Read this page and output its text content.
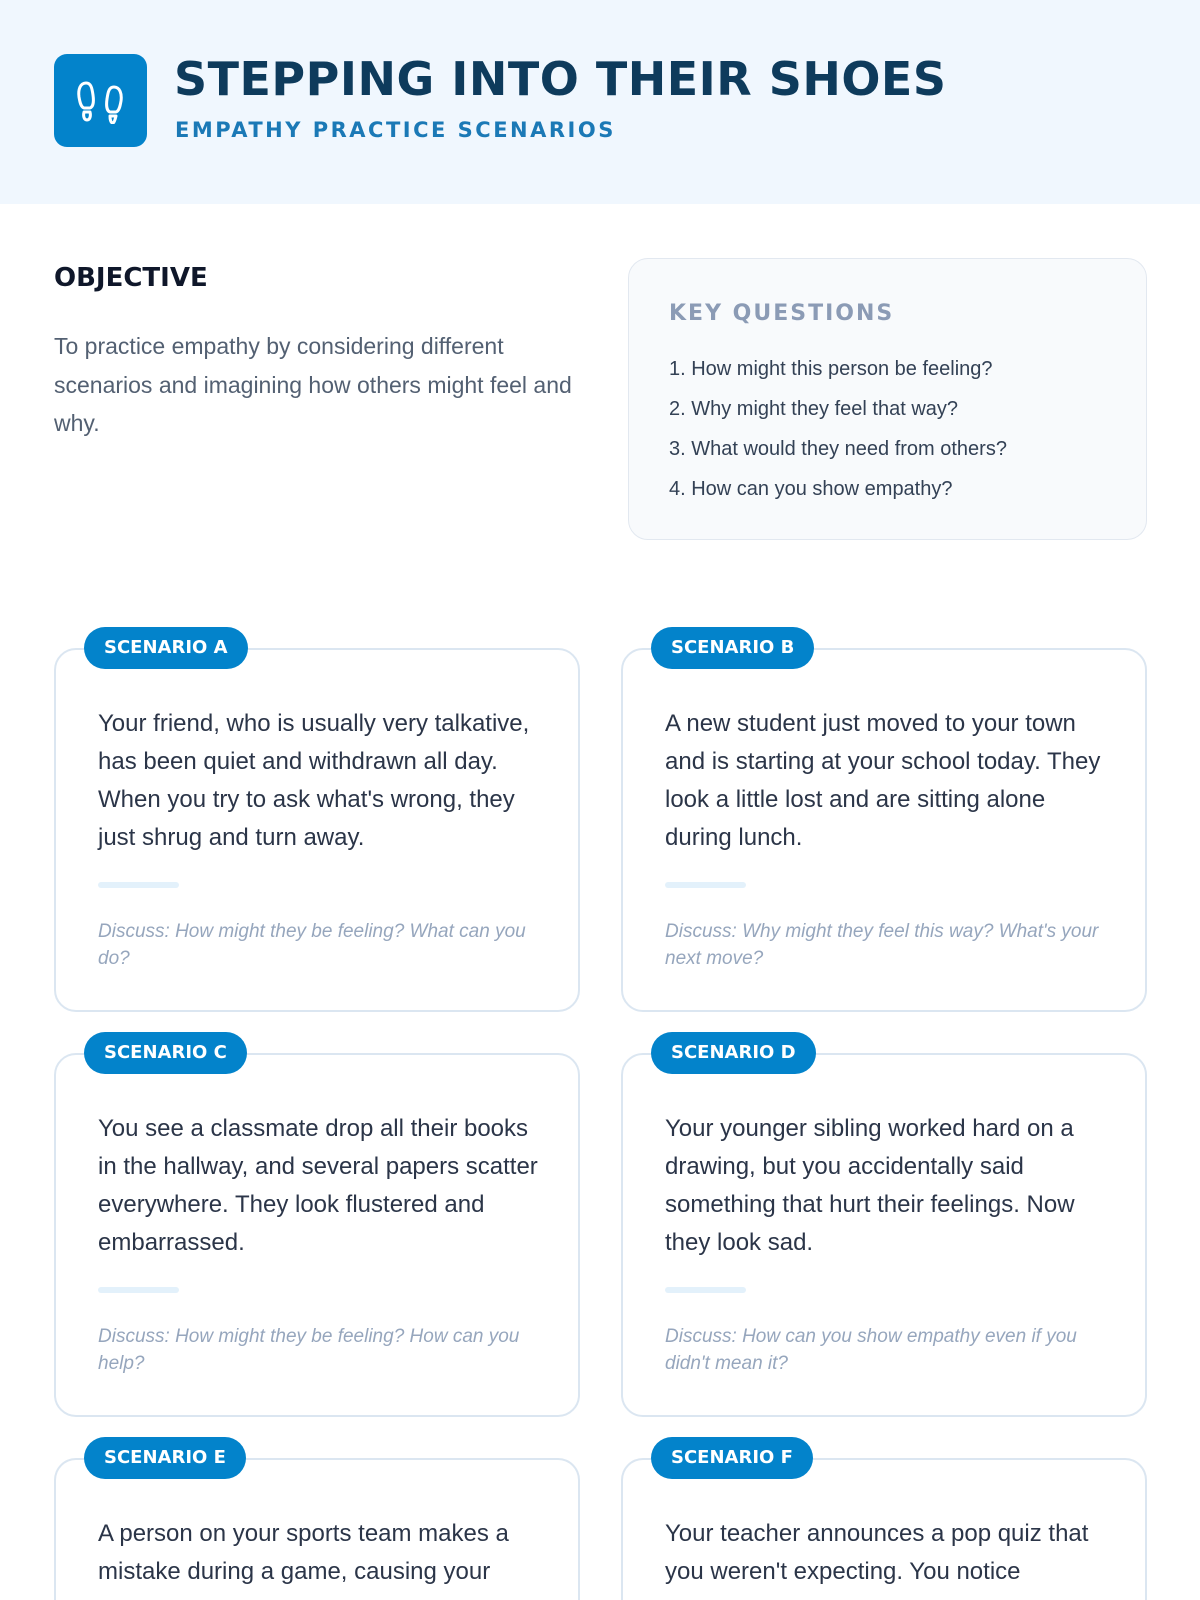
STEPPING INTO THEIR SHOES
EMPATHY PRACTICE SCENARIOS
OBJECTIVE
To practice empathy by considering different scenarios and imagining how others might feel and why.
KEY QUESTIONS
1. How might this person be feeling?
2. Why might they feel that way?
3. What would they need from others?
4. How can you show empathy?
SCENARIO A
Your friend, who is usually very talkative, has been quiet and withdrawn all day. When you try to ask what's wrong, they just shrug and turn away.
Discuss: How might they be feeling? What can you do?
SCENARIO B
A new student just moved to your town and is starting at your school today. They look a little lost and are sitting alone during lunch.
Discuss: Why might they feel this way? What's your next move?
SCENARIO C
You see a classmate drop all their books in the hallway, and several papers scatter everywhere. They look flustered and embarrassed.
Discuss: How might they be feeling? How can you help?
SCENARIO D
Your younger sibling worked hard on a drawing, but you accidentally said something that hurt their feelings. Now they look sad.
Discuss: How can you show empathy even if you didn't mean it?
SCENARIO E
A person on your sports team makes a mistake during a game, causing your
SCENARIO F
Your teacher announces a pop quiz that you weren't expecting. You notice
